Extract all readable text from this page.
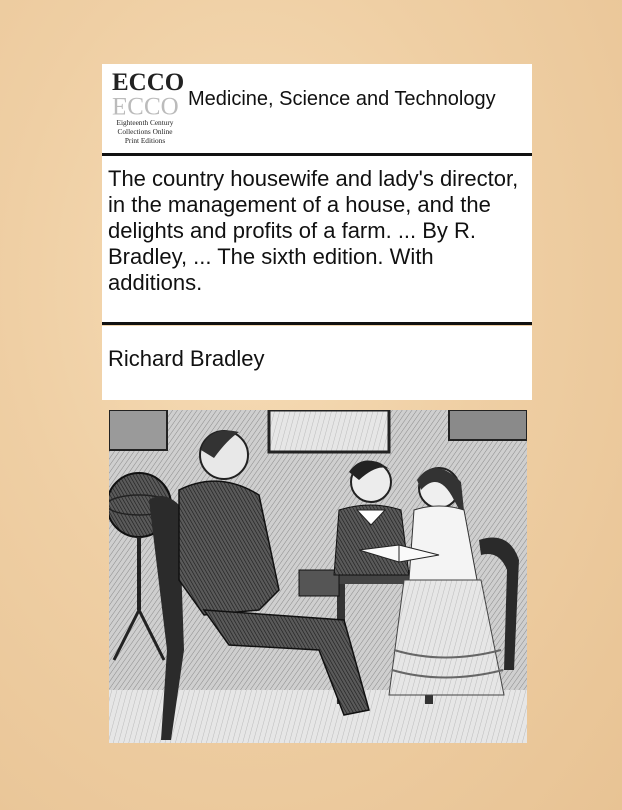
ECCO
ECCO
Eighteenth Century
Collections Online
Print Editions
Medicine, Science and Technology
The country housewife and lady's director, in the management of a house, and the delights and profits of a farm. ... By R. Bradley, ... The sixth edition. With additions.
Richard Bradley
